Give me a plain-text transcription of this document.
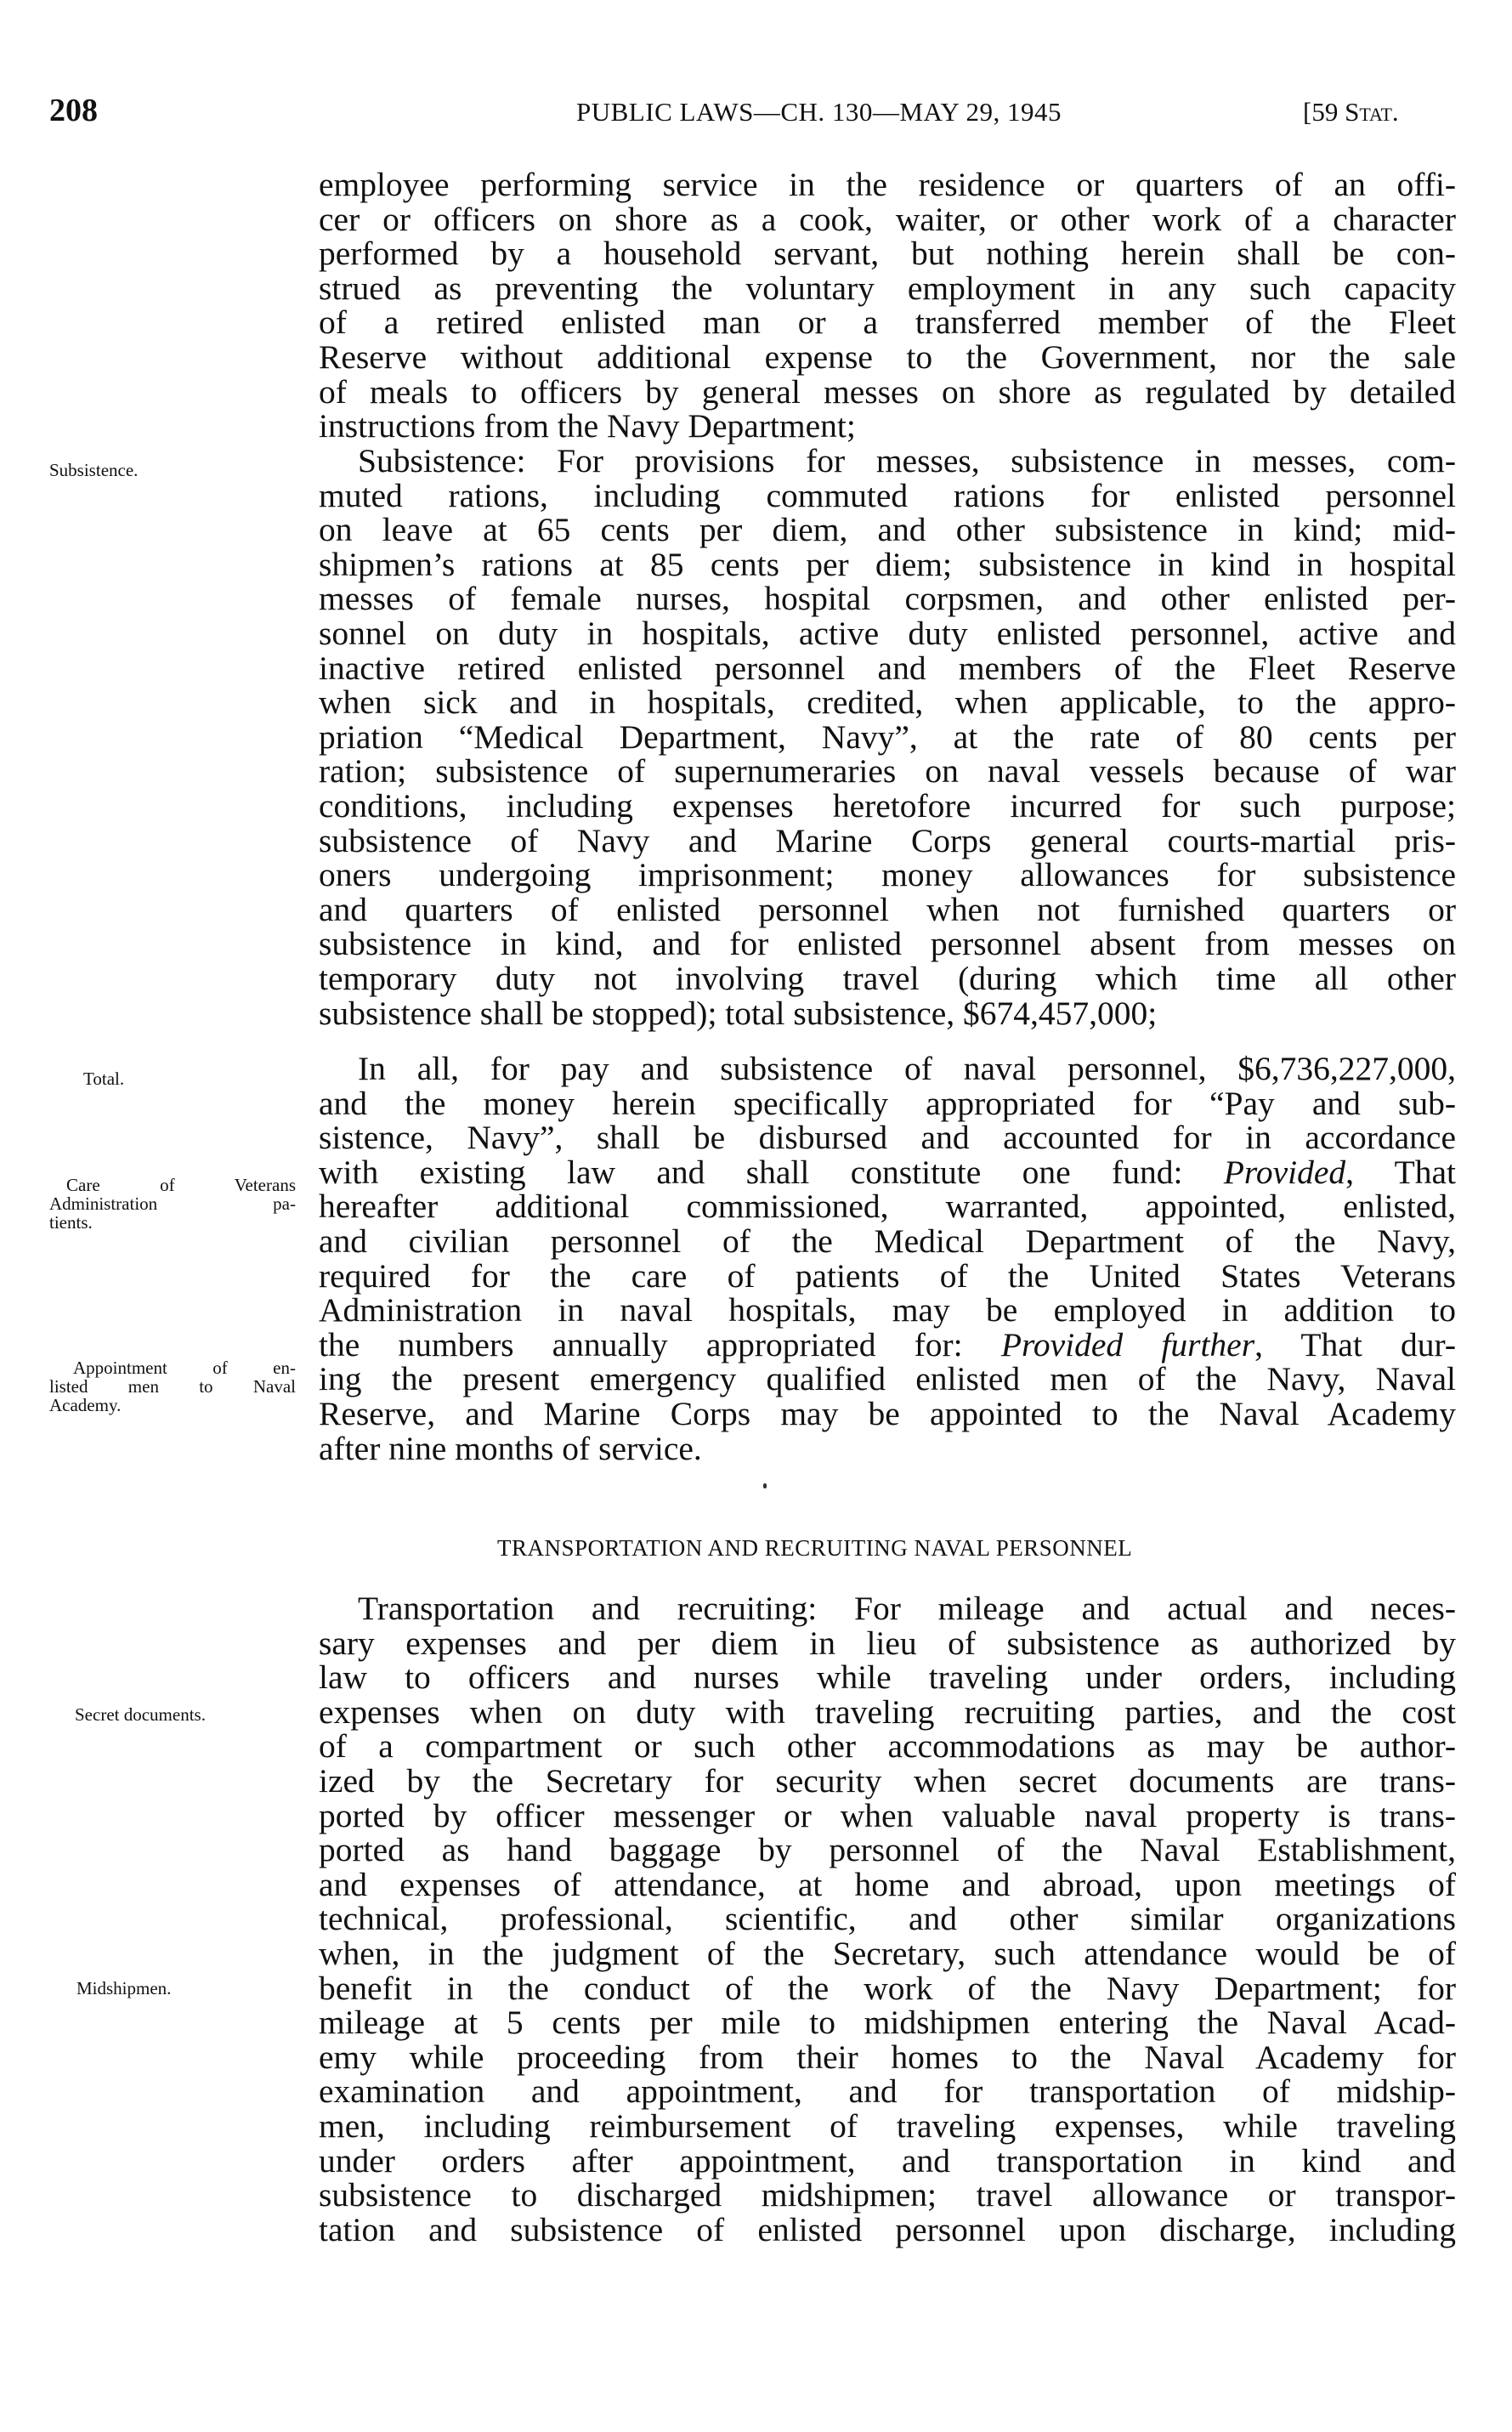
208	PUBLIC LAWS—CH. 130—MAY 29, 1945	[59 Stat.
employee performing service in the residence or quarters of an offi-
cer or officers on shore as a cook, waiter, or other work of a character
performed by a household servant, but nothing herein shall be con-
strued as preventing the voluntary employment in any such capacity
of a retired enlisted man or a transferred member of the Fleet
Reserve without additional expense to the Government, nor the sale
of meals to officers by general messes on shore as regulated by detailed
instructions from the Navy Department;
Subsistence.	Subsistence: For provisions for messes, subsistence in messes, com-
muted rations, including commuted rations for enlisted personnel
on leave at 65 cents per diem, and other subsistence in kind; mid-
shipmen’s rations at 85 cents per diem; subsistence in kind in hospital
messes of female nurses, hospital corpsmen, and other enlisted per-
sonnel on duty in hospitals, active duty enlisted personnel, active and
inactive retired enlisted personnel and members of the Fleet Reserve
when sick and in hospitals, credited, when applicable, to the appro-
priation “Medical Department, Navy”, at the rate of 80 cents per
ration; subsistence of supernumeraries on naval vessels because of war
conditions, including expenses heretofore incurred for such purpose;
subsistence of Navy and Marine Corps general courts-martial pris-
oners undergoing imprisonment; money allowances for subsistence
and quarters of enlisted personnel when not furnished quarters or
subsistence in kind, and for enlisted personnel absent from messes on
temporary duty not involving travel (during which time all other
subsistence shall be stopped); total subsistence, $674,457,000;
Total.
Care of Veterans
Administration pa-
tients.
Appointment of en-
listed men to Naval
Academy.
In all, for pay and subsistence of naval personnel, $6,736,227,000,
and the money herein specifically appropriated for “Pay and sub-
sistence, Navy”, shall be disbursed and accounted for in accordance
with existing law and shall constitute one fund: Provided, That
hereafter additional commissioned, warranted, appointed, enlisted,
and civilian personnel of the Medical Department of the Navy,
required for the care of patients of the United States Veterans
Administration in naval hospitals, may be employed in addition to
the numbers annually appropriated for: Provided further, That dur-
ing the present emergency qualified enlisted men of the Navy, Naval
Reserve, and Marine Corps may be appointed to the Naval Academy
after nine months of service.
TRANSPORTATION AND RECRUITING NAVAL PERSONNEL
Secret documents.
Midshipmen.
Transportation and recruiting: For mileage and actual and neces-
sary expenses and per diem in lieu of subsistence as authorized by
law to officers and nurses while traveling under orders, including
expenses when on duty with traveling recruiting parties, and the cost
of a compartment or such other accommodations as may be author-
ized by the Secretary for security when secret documents are trans-
ported by officer messenger or when valuable naval property is trans-
ported as hand baggage by personnel of the Naval Establishment,
and expenses of attendance, at home and abroad, upon meetings of
technical, professional, scientific, and other similar organizations
when, in the judgment of the Secretary, such attendance would be of
benefit in the conduct of the work of the Navy Department; for
mileage at 5 cents per mile to midshipmen entering the Naval Acad-
emy while proceeding from their homes to the Naval Academy for
examination and appointment, and for transportation of midship-
men, including reimbursement of traveling expenses, while traveling
under orders after appointment, and transportation in kind and
subsistence to discharged midshipmen; travel allowance or transpor-
tation and subsistence of enlisted personnel upon discharge, including
